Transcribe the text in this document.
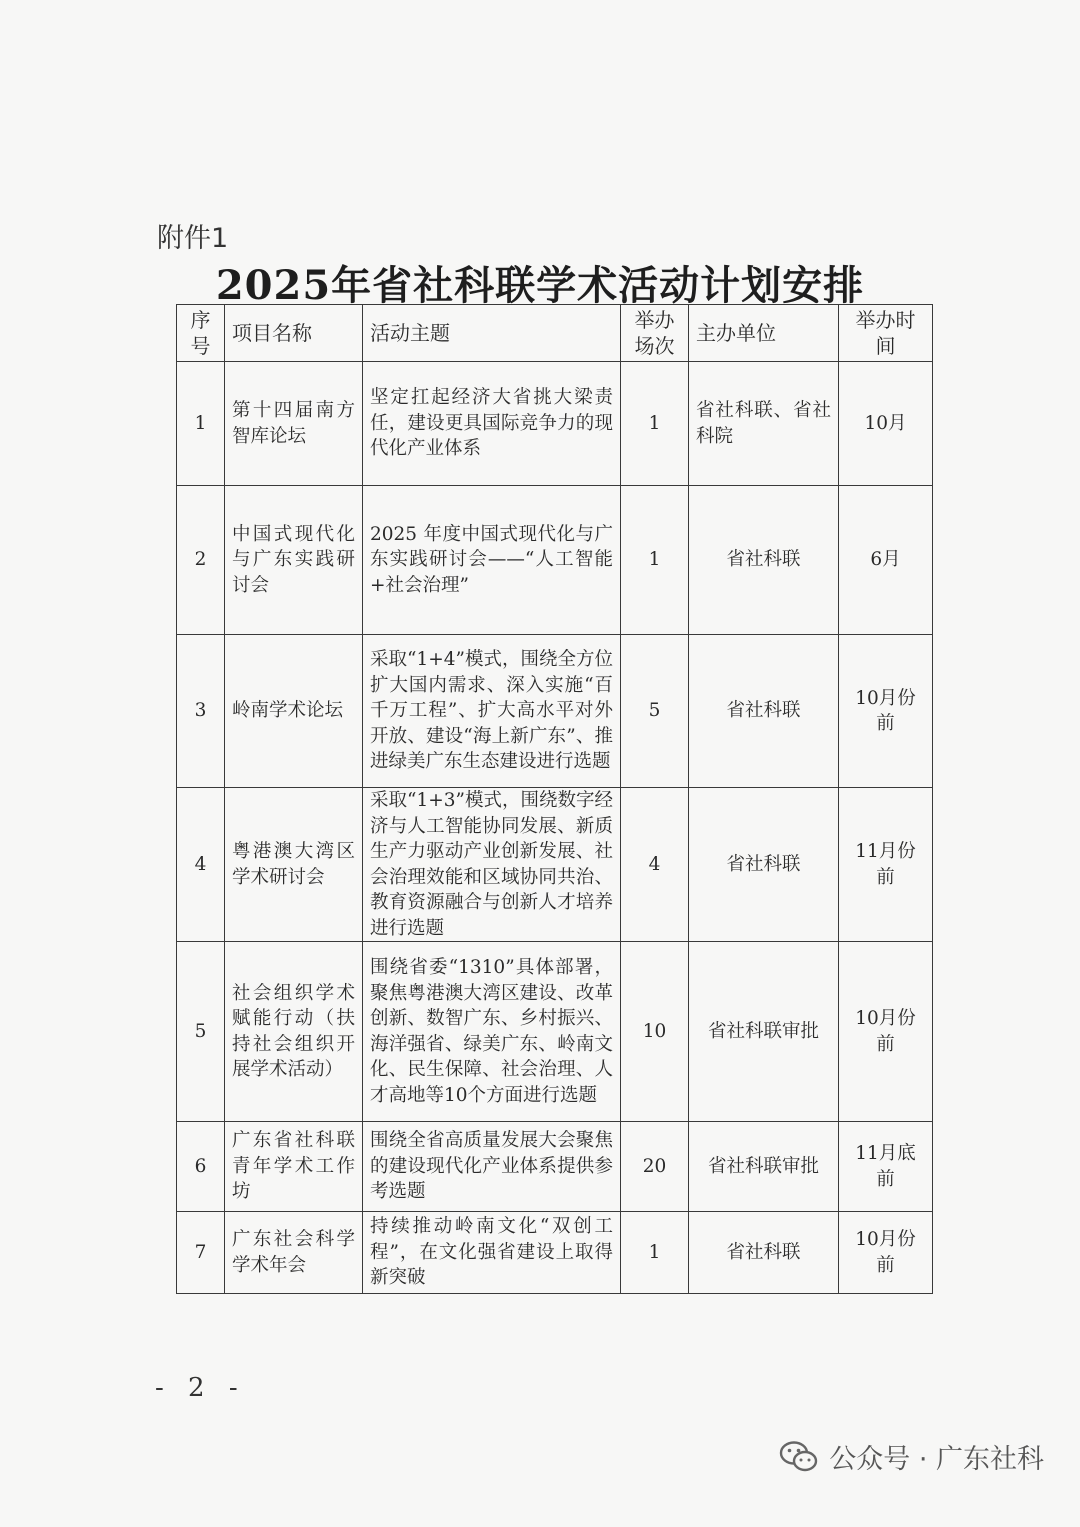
附件1
2025年省社科联学术活动计划安排
序号	项目名称	活动主题	举办场次	主办单位	举办时间
1	第十四届南方智库论坛	坚定扛起经济大省挑大梁责任，建设更具国际竞争力的现代化产业体系	1	省社科联、省社科院	10月
2	中国式现代化与广东实践研讨会	2025 年度中国式现代化与广东实践研讨会——“人工智能+社会治理”	1	省社科联	6月
3	岭南学术论坛	采取“1+4”模式，围绕全方位扩大国内需求、深入实施“百千万工程”、扩大高水平对外开放、建设“海上新广东”、推进绿美广东生态建设进行选题	5	省社科联	10月份前
4	粤港澳大湾区学术研讨会	采取“1+3”模式，围绕数字经济与人工智能协同发展、新质生产力驱动产业创新发展、社会治理效能和区域协同共治、教育资源融合与创新人才培养进行选题	4	省社科联	11月份前
5	社会组织学术赋能行动（扶持社会组织开展学术活动）	围绕省委“1310”具体部署，聚焦粤港澳大湾区建设、改革创新、数智广东、乡村振兴、海洋强省、绿美广东、岭南文化、民生保障、社会治理、人才高地等10个方面进行选题	10	省社科联审批	10月份前
6	广东省社科联青年学术工作坊	围绕全省高质量发展大会聚焦的建设现代化产业体系提供参考选题	20	省社科联审批	11月底前
7	广东社会科学学术年会	持续推动岭南文化“双创工程”，在文化强省建设上取得新突破	1	省社科联	10月份前
- 2 -
公众号 · 广东社科
